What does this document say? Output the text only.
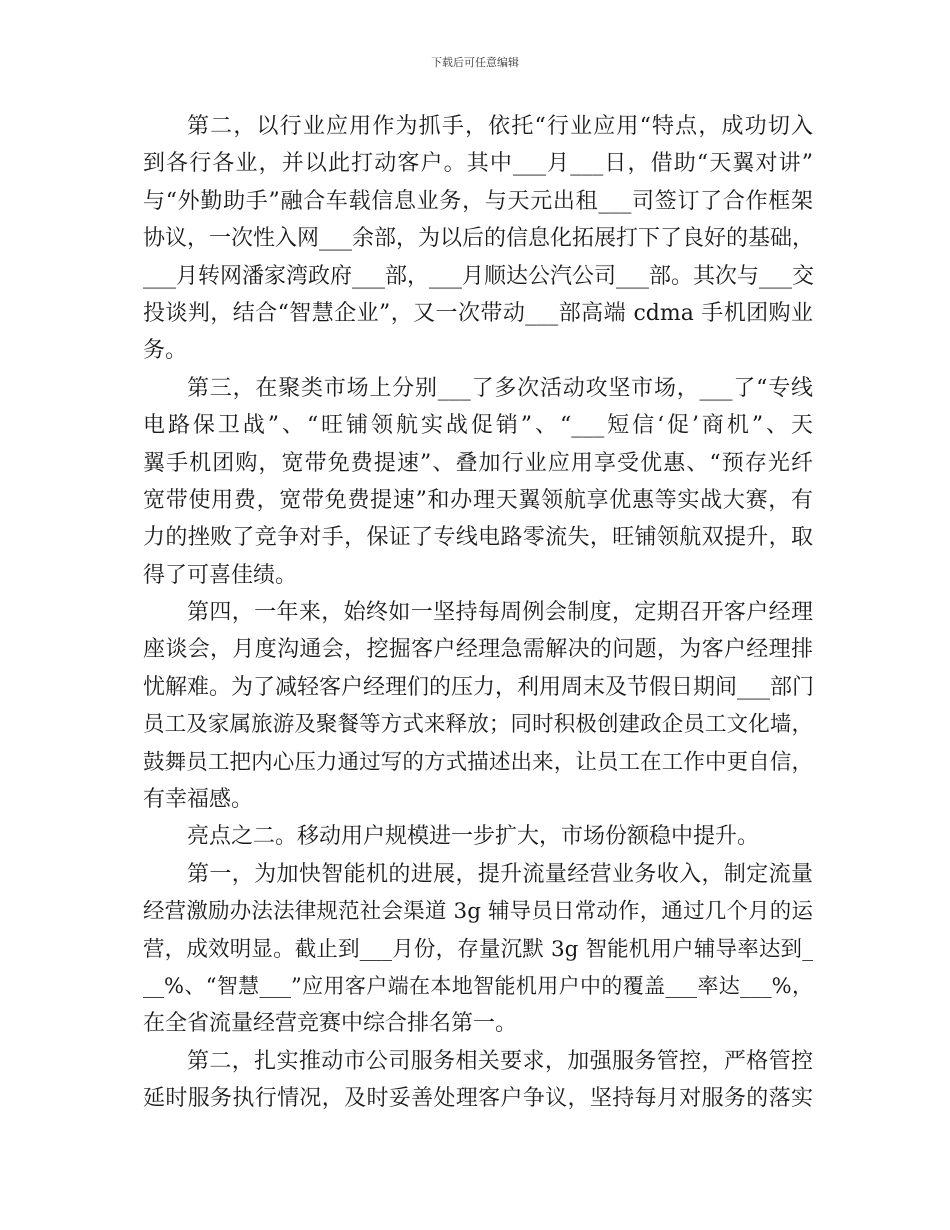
下载后可任意编辑
第二，以行业应用作为抓手，依托“行业应用“特点，成功切入
到各行各业，并以此打动客户。其中___月___日，借助“天翼对讲”
与“外勤助手”融合车载信息业务，与天元出租___司签订了合作框架
协议，一次性入网___余部，为以后的信息化拓展打下了良好的基础，
___月转网潘家湾政府___部，___月顺达公汽公司___部。其次与___交
投谈判，结合“智慧企业”，又一次带动___部高端 cdma 手机团购业
务。
第三，在聚类市场上分别___了多次活动攻坚市场，___了“专线
电路保卫战”、“旺铺领航实战促销”、“___短信‘促’商机”、天
翼手机团购，宽带免费提速”、叠加行业应用享受优惠、“预存光纤
宽带使用费，宽带免费提速”和办理天翼领航享优惠等实战大赛，有
力的挫败了竞争对手，保证了专线电路零流失，旺铺领航双提升，取
得了可喜佳绩。
第四，一年来，始终如一坚持每周例会制度，定期召开客户经理
座谈会，月度沟通会，挖掘客户经理急需解决的问题，为客户经理排
忧解难。为了减轻客户经理们的压力，利用周末及节假日期间___部门
员工及家属旅游及聚餐等方式来释放；同时积极创建政企员工文化墙，
鼓舞员工把内心压力通过写的方式描述出来，让员工在工作中更自信，
有幸福感。
亮点之二。移动用户规模进一步扩大，市场份额稳中提升。
第一，为加快智能机的进展，提升流量经营业务收入，制定流量
经营激励办法法律规范社会渠道 3g 辅导员日常动作，通过几个月的运
营，成效明显。截止到___月份，存量沉默 3g 智能机用户辅导率达到_
__%、“智慧___”应用客户端在本地智能机用户中的覆盖___率达___%，
在全省流量经营竞赛中综合排名第一。
第二，扎实推动市公司服务相关要求，加强服务管控，严格管控
延时服务执行情况，及时妥善处理客户争议，坚持每月对服务的落实
